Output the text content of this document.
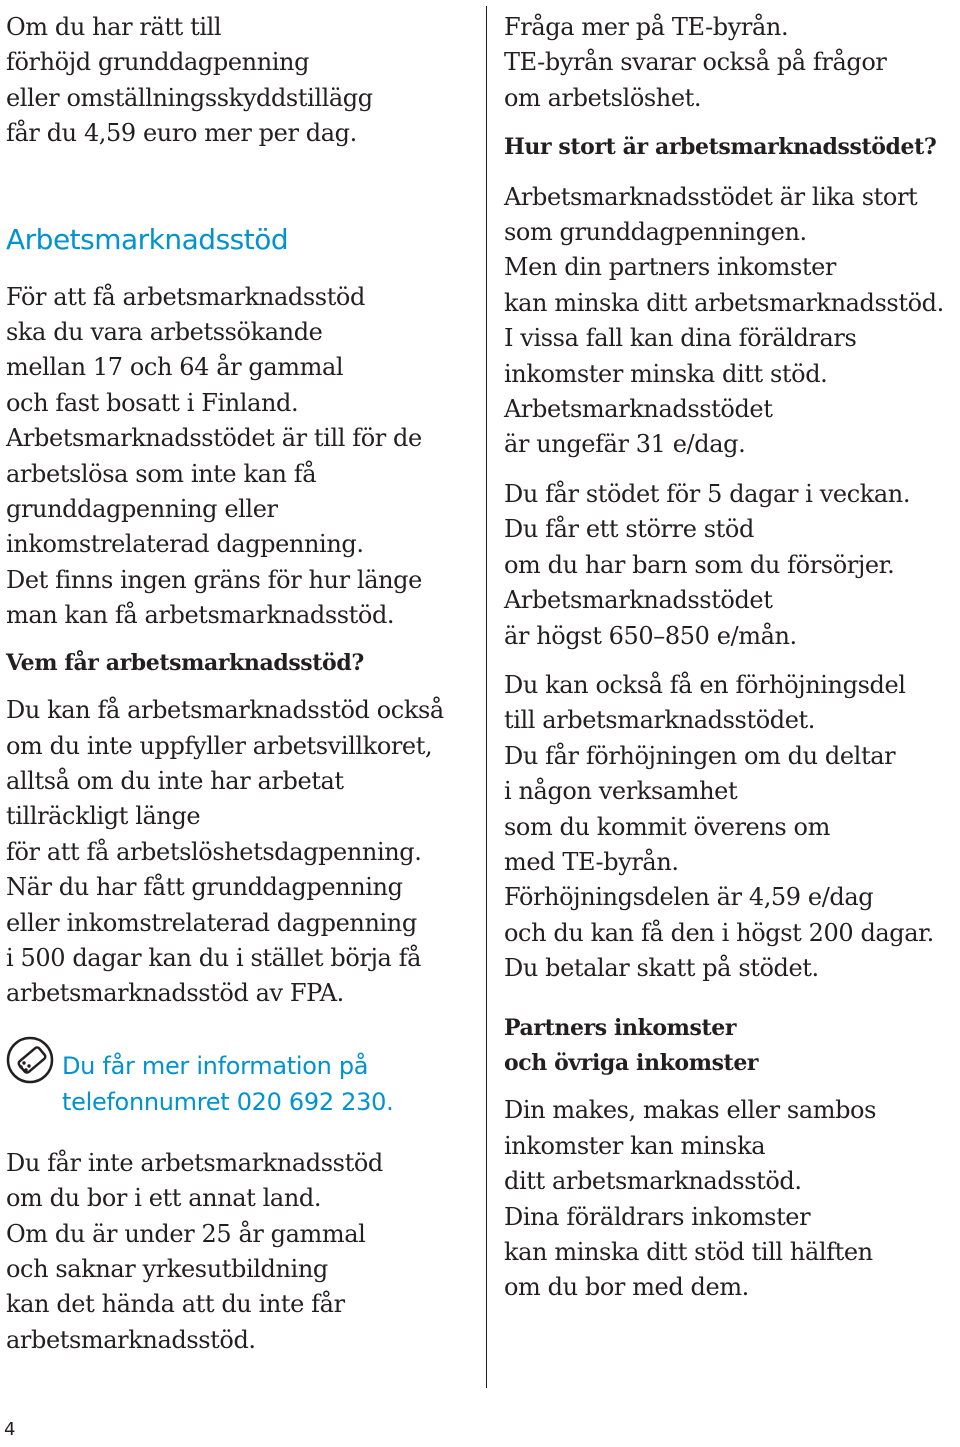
Om du har rätt till
förhöjd grunddagpenning
eller omställningsskyddstillägg
får du 4,59 euro mer per dag.

Arbetsmarknadsstöd

För att få arbetsmarknadsstöd
ska du vara arbetssökande
mellan 17 och 64 år gammal
och fast bosatt i Finland.
Arbetsmarknadsstödet är till för de
arbetslösa som inte kan få
grunddagpenning eller
inkomstrelaterad dagpenning.
Det finns ingen gräns för hur länge
man kan få arbetsmarknadsstöd.

Vem får arbetsmarknadsstöd?

Du kan få arbetsmarknadsstöd också
om du inte uppfyller arbetsvillkoret,
alltså om du inte har arbetat
tillräckligt länge
för att få arbetslöshetsdagpenning.
När du har fått grunddagpenning
eller inkomstrelaterad dagpenning
i 500 dagar kan du i stället börja få
arbetsmarknadsstöd av FPA.

Du får mer information på
telefonnumret 020 692 230.

Du får inte arbetsmarknadsstöd
om du bor i ett annat land.
Om du är under 25 år gammal
och saknar yrkesutbildning
kan det hända att du inte får
arbetsmarknadsstöd.

Fråga mer på TE-byrån.
TE-byrån svarar också på frågor
om arbetslöshet.

Hur stort är arbetsmarknadsstödet?

Arbetsmarknadsstödet är lika stort
som grunddagpenningen.
Men din partners inkomster
kan minska ditt arbetsmarknadsstöd.
I vissa fall kan dina föräldrars
inkomster minska ditt stöd.
Arbetsmarknadsstödet
är ungefär 31 e/dag.

Du får stödet för 5 dagar i veckan.
Du får ett större stöd
om du har barn som du försörjer.
Arbetsmarknadsstödet
är högst 650–850 e/mån.

Du kan också få en förhöjningsdel
till arbetsmarknadsstödet.
Du får förhöjningen om du deltar
i någon verksamhet
som du kommit överens om
med TE-byrån.
Förhöjningsdelen är 4,59 e/dag
och du kan få den i högst 200 dagar.
Du betalar skatt på stödet.

Partners inkomster
och övriga inkomster

Din makes, makas eller sambos
inkomster kan minska
ditt arbetsmarknadsstöd.
Dina föräldrars inkomster
kan minska ditt stöd till hälften
om du bor med dem.

4
